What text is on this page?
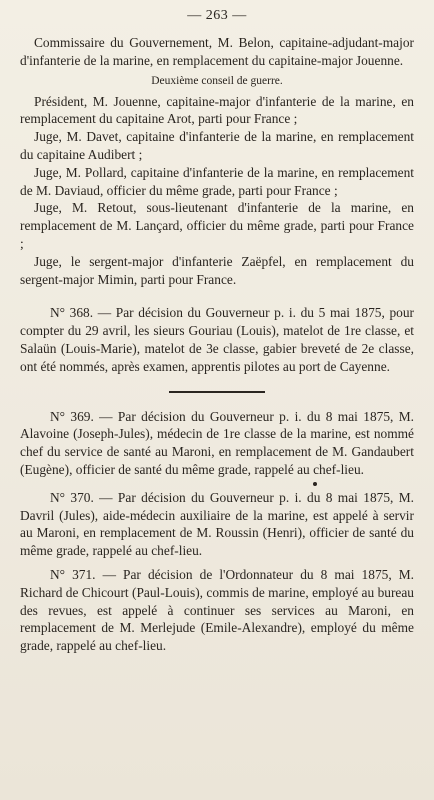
— 263 —

Commissaire du Gouvernement, M. Belon, capitaine-adjudant-major d'infanterie de la marine, en remplacement du capitaine-major Jouenne.

Deuxième conseil de guerre.

Président, M. Jouenne, capitaine-major d'infanterie de la marine, en remplacement du capitaine Arot, parti pour France ;

Juge, M. Davet, capitaine d'infanterie de la marine, en remplacement du capitaine Audibert ;

Juge, M. Pollard, capitaine d'infanterie de la marine, en remplacement de M. Daviaud, officier du même grade, parti pour France ;

Juge, M. Retout, sous-lieutenant d'infanterie de la marine, en remplacement de M. Lançard, officier du même grade, parti pour France ;

Juge, le sergent-major d'infanterie Zaëpfel, en remplacement du sergent-major Mimin, parti pour France.

N° 368. — Par décision du Gouverneur p. i. du 5 mai 1875, pour compter du 29 avril, les sieurs Gouriau (Louis), matelot de 1re classe, et Salaün (Louis-Marie), matelot de 3e classe, gabier breveté de 2e classe, ont été nommés, après examen, apprentis pilotes au port de Cayenne.

N° 369. — Par décision du Gouverneur p. i. du 8 mai 1875, M. Alavoine (Joseph-Jules), médecin de 1re classe de la marine, est nommé chef du service de santé au Maroni, en remplacement de M. Gandaubert (Eugène), officier de santé du même grade, rappelé au chef-lieu.

N° 370. — Par décision du Gouverneur p. i. du 8 mai 1875, M. Davril (Jules), aide-médecin auxiliaire de la marine, est appelé à servir au Maroni, en remplacement de M. Roussin (Henri), officier de santé du même grade, rappelé au chef-lieu.

N° 371. — Par décision de l'Ordonnateur du 8 mai 1875, M. Richard de Chicourt (Paul-Louis), commis de marine, employé au bureau des revues, est appelé à continuer ses services au Maroni, en remplacement de M. Merlejude (Emile-Alexandre), employé du même grade, rappelé au chef-lieu.
